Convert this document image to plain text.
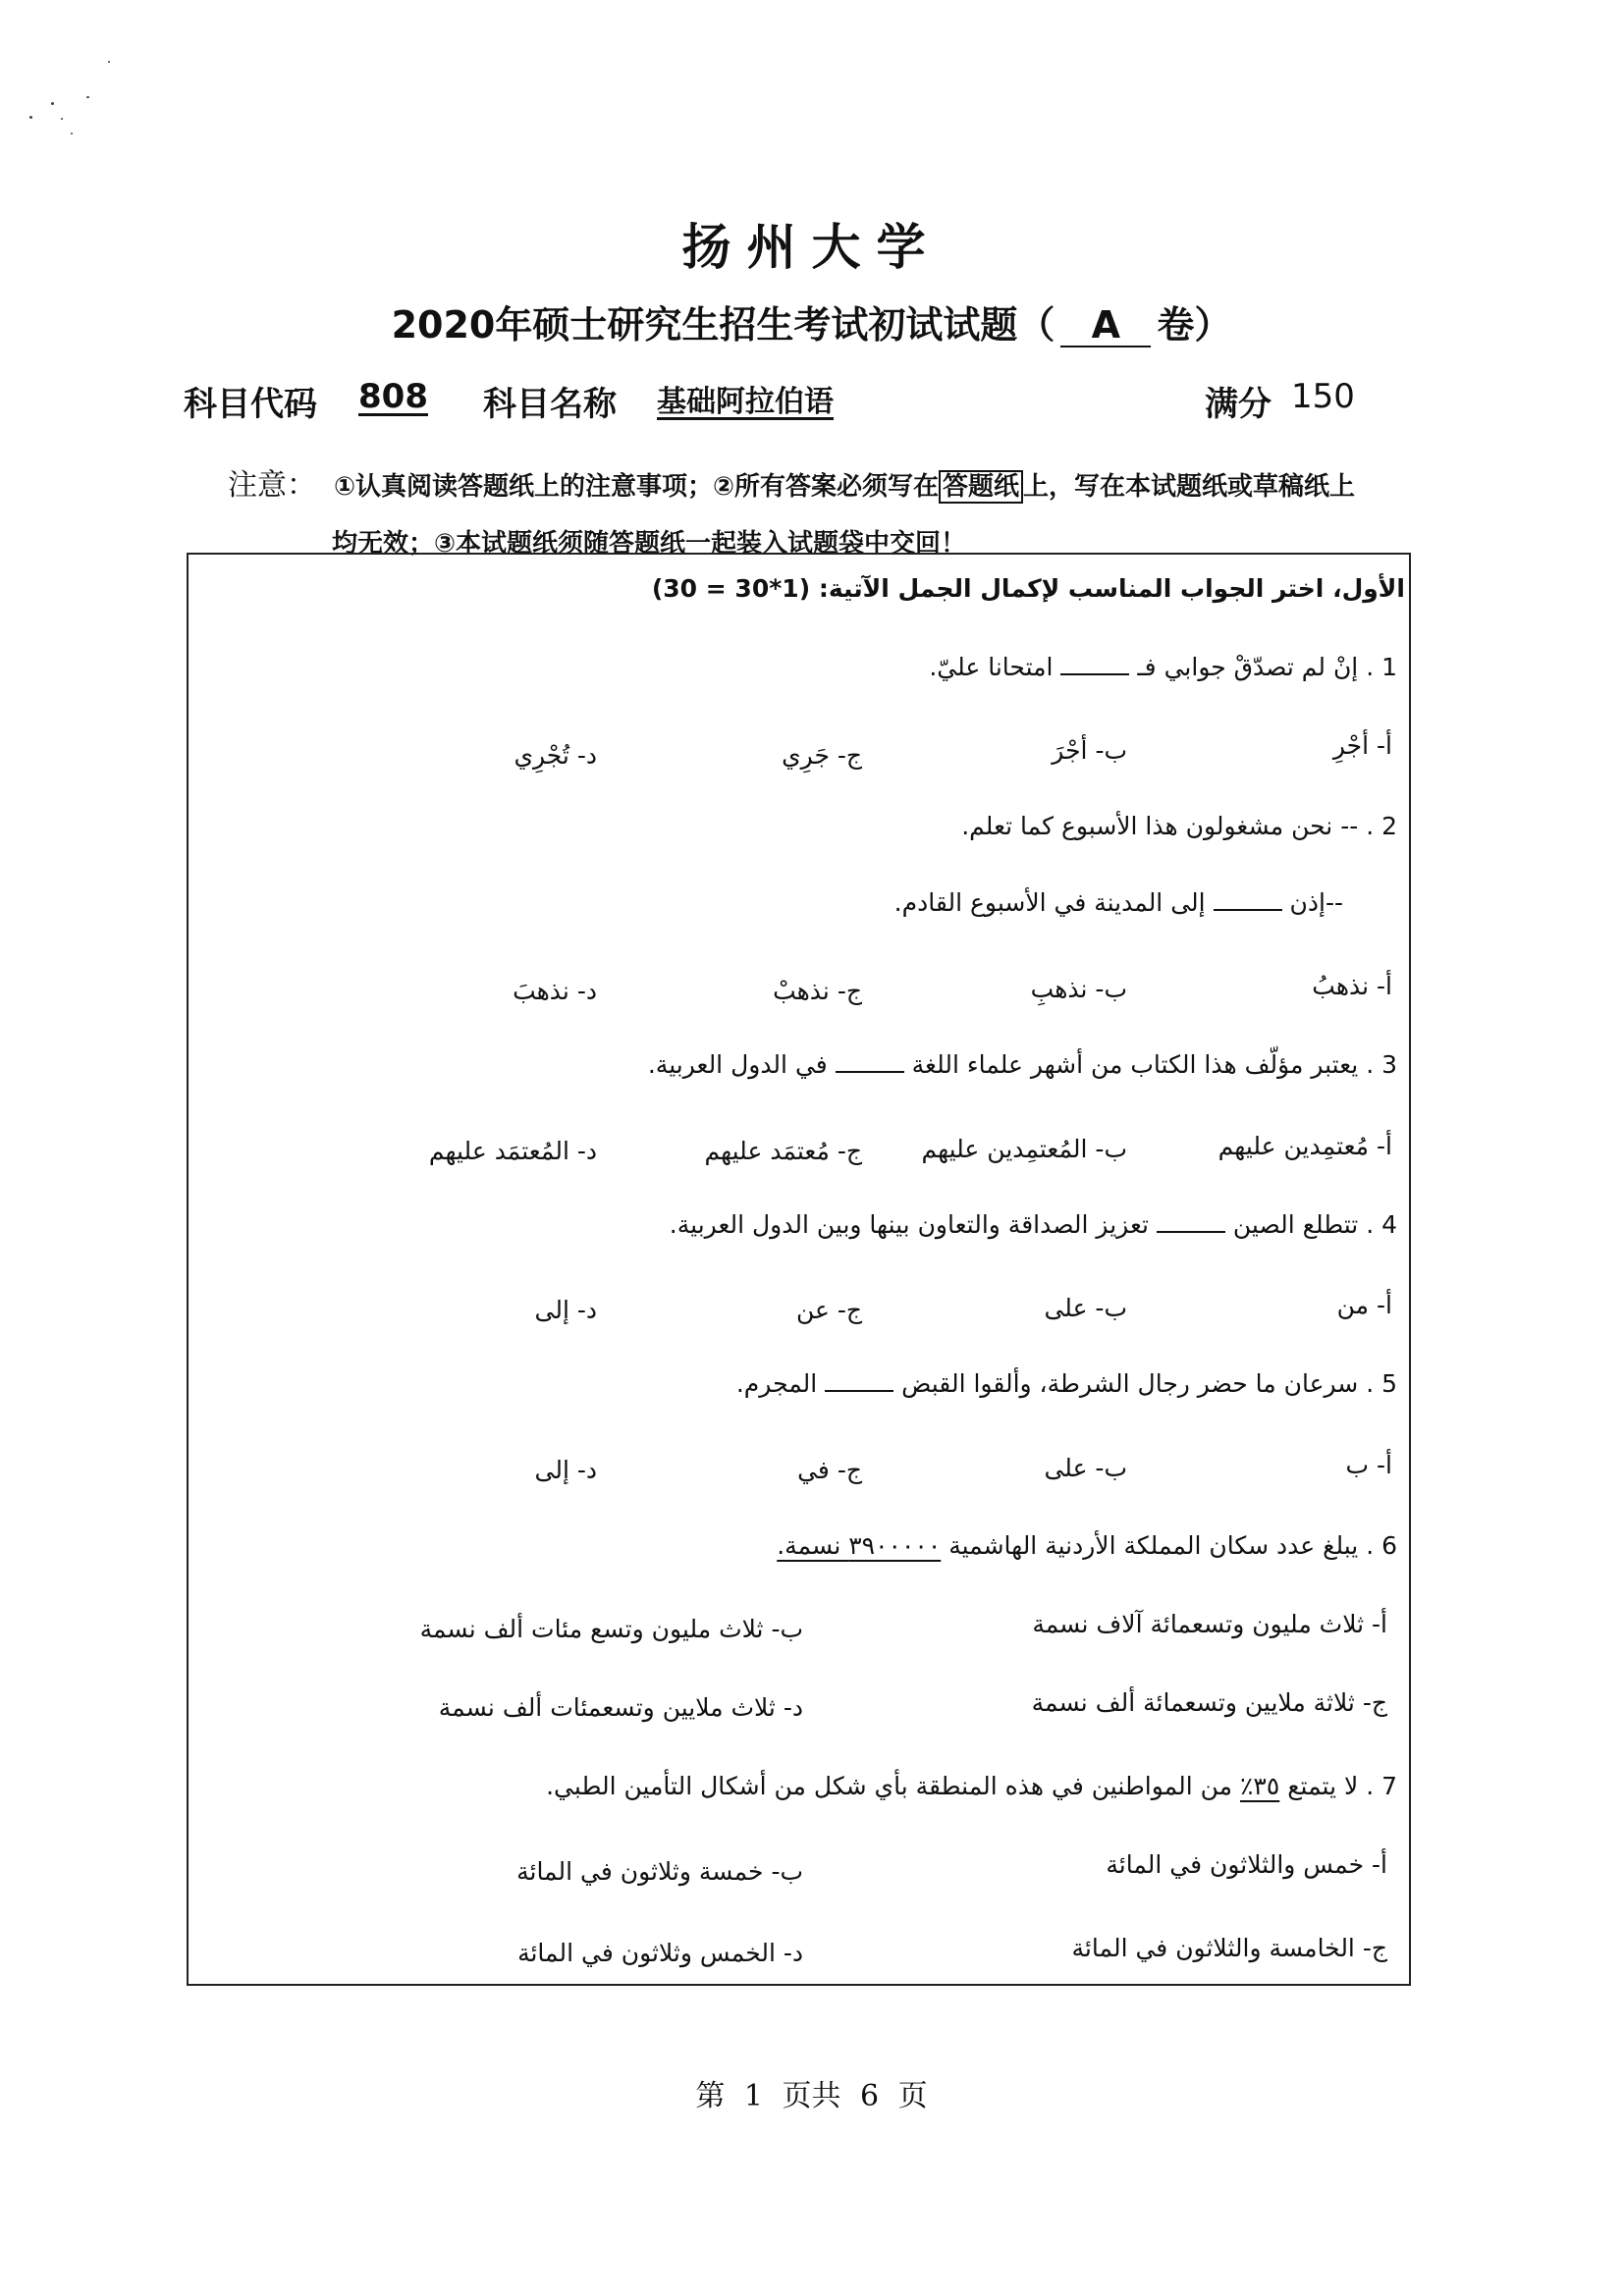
扬州大学
2020年硕士研究生招生考试初试试题（ A 卷）
科目代码 808 科目名称 基础阿拉伯语	满分 150
注意： ①认真阅读答题纸上的注意事项；②所有答案必须写在 答题纸 上，写在本试题纸或草稿纸上
均无效；③本试题纸须随答题纸一起装入试题袋中交回！
الأول، اختر الجواب المناسب لإكمال الجمل الآتية: (1*30 = 30)
1 . إنْ لم تصدّقْ جوابي فـ  امتحانا عليّ.
أ- أجْرِ
ب- أجْرَ
ج- جَرِي
د- تُجْرِي
2 . -- نحن مشغولون هذا الأسبوع كما تعلم.
--إذن  إلى المدينة في الأسبوع القادم.
أ- نذهبُ
ب- نذهبِ
ج- نذهبْ
د- نذهبَ
3 . يعتبر مؤلّف هذا الكتاب من أشهر علماء اللغة  في الدول العربية.
أ- مُعتمِدين عليهم
ب- المُعتمِدين عليهم
ج- مُعتمَد عليهم
د- المُعتمَد عليهم
4 . تتطلع الصين  تعزيز الصداقة والتعاون بينها وبين الدول العربية.
أ- من
ب- على
ج- عن
د- إلى
5 . سرعان ما حضر رجال الشرطة، وألقوا القبض  المجرم.
أ- ب
ب- على
ج- في
د- إلى
6 . يبلغ عدد سكان المملكة الأردنية الهاشمية ٣٩٠٠٠٠٠ نسمة.
أ- ثلاث مليون وتسعمائة آلاف نسمة
ب- ثلاث مليون وتسع مئات ألف نسمة
ج- ثلاثة ملايين وتسعمائة ألف نسمة
د- ثلاث ملايين وتسعمئات ألف نسمة
7 . لا يتمتع ٣٥٪ من المواطنين في هذه المنطقة بأي شكل من أشكال التأمين الطبي.
أ- خمس والثلاثون في المائة
ب- خمسة وثلاثون في المائة
ج- الخامسة والثلاثون في المائة
د- الخمس وثلاثون في المائة
第 1 页共 6 页
